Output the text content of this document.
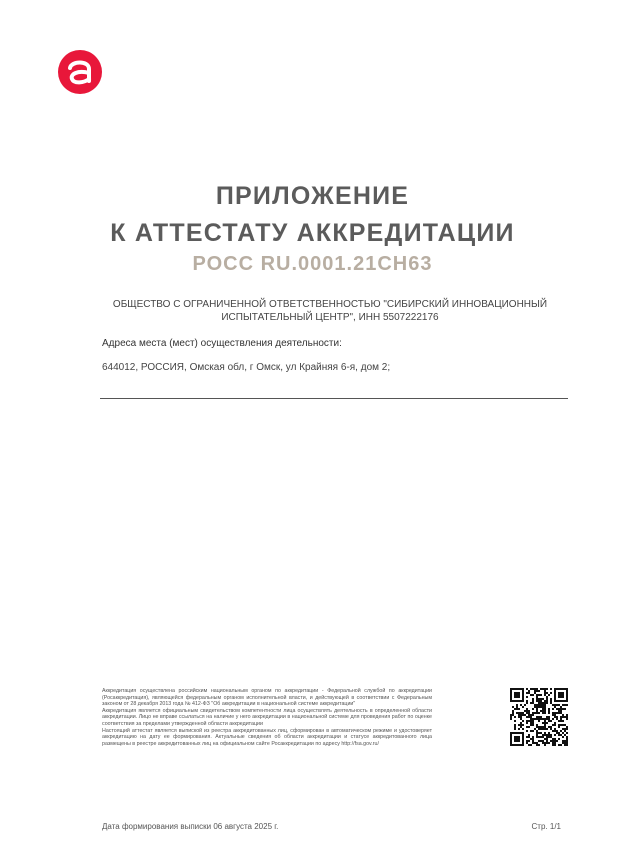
ПРИЛОЖЕНИЕ
К АТТЕСТАТУ АККРЕДИТАЦИИ
РОСС RU.0001.21СН63
ОБЩЕСТВО С ОГРАНИЧЕННОЙ ОТВЕТСТВЕННОСТЬЮ "СИБИРСКИЙ ИННОВАЦИОННЫЙ ИСПЫТАТЕЛЬНЫЙ ЦЕНТР", ИНН 5507222176
Адреса места (мест) осуществления деятельности:
644012, РОССИЯ, Омская обл, г Омск, ул Крайняя 6-я, дом 2;

Аккредитация осуществлена российским национальным органом по аккредитации - Федеральной службой по аккредитации (Росаккредитация), являющейся федеральным органом исполнительной власти, и действующей в соответствии с Федеральным законом от 28 декабря 2013 года № 412-ФЗ "Об аккредитации в национальной системе аккредитации"

Аккредитация является официальным свидетельством компетентности лица осуществлять деятельность в определенной области аккредитации. Лицо не вправе ссылаться на наличие у него аккредитации в национальной системе для проведения работ по оценке соответствия за пределами утвержденной области аккредитации

Настоящий аттестат является выпиской из реестра аккредитованных лиц, сформирован в автоматическом режиме и удостоверяет аккредитацию на дату ее формирования. Актуальные сведения об области аккредитации и статусе аккредитованного лица размещены в реестре аккредитованных лиц на официальном сайте Росаккредитации по адресу http://fsa.gov.ru/

Дата формирования выписки 06 августа 2025 г.	Стр. 1/1
